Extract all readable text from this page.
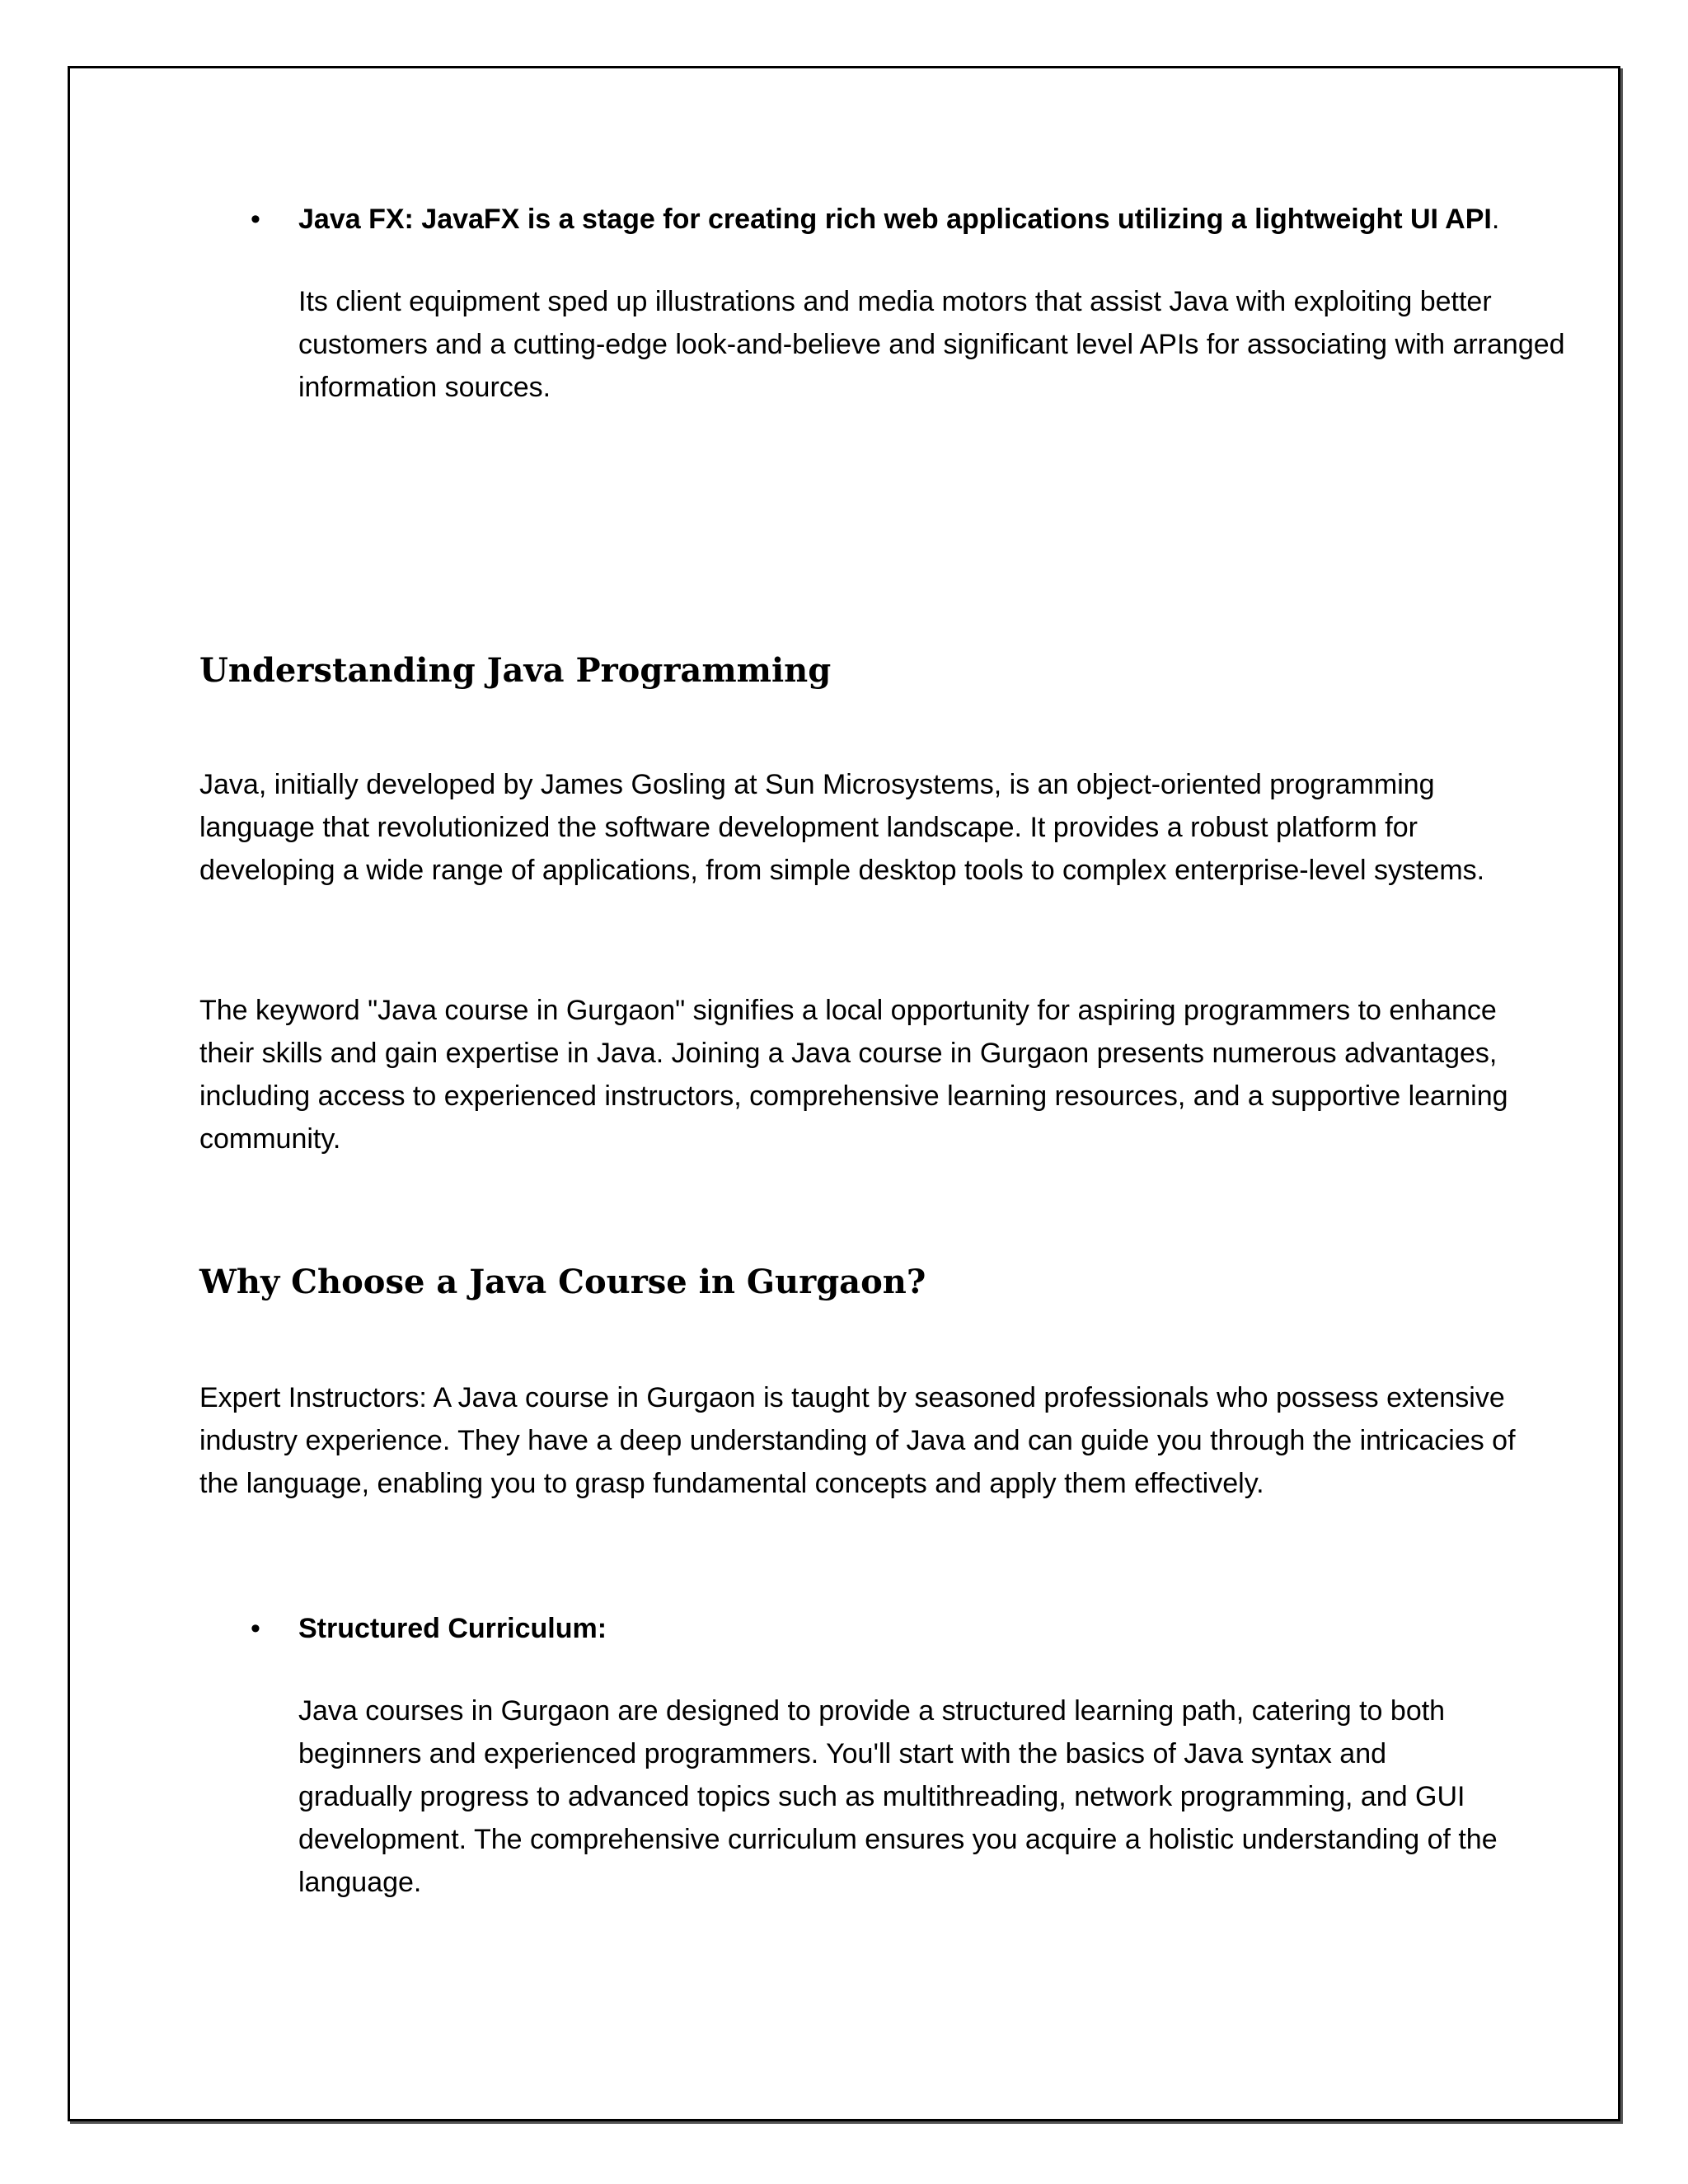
• Java FX: JavaFX is a stage for creating rich web applications utilizing a lightweight UI API.

Its client equipment sped up illustrations and media motors that assist Java with exploiting better customers and a cutting-edge look-and-believe and significant level APIs for associating with arranged information sources.

Understanding Java Programming

Java, initially developed by James Gosling at Sun Microsystems, is an object-oriented programming language that revolutionized the software development landscape. It provides a robust platform for developing a wide range of applications, from simple desktop tools to complex enterprise-level systems.

The keyword "Java course in Gurgaon" signifies a local opportunity for aspiring programmers to enhance their skills and gain expertise in Java. Joining a Java course in Gurgaon presents numerous advantages, including access to experienced instructors, comprehensive learning resources, and a supportive learning community.

Why Choose a Java Course in Gurgaon?

Expert Instructors: A Java course in Gurgaon is taught by seasoned professionals who possess extensive industry experience. They have a deep understanding of Java and can guide you through the intricacies of the language, enabling you to grasp fundamental concepts and apply them effectively.

• Structured Curriculum:

Java courses in Gurgaon are designed to provide a structured learning path, catering to both beginners and experienced programmers. You'll start with the basics of Java syntax and gradually progress to advanced topics such as multithreading, network programming, and GUI development. The comprehensive curriculum ensures you acquire a holistic understanding of the language.
